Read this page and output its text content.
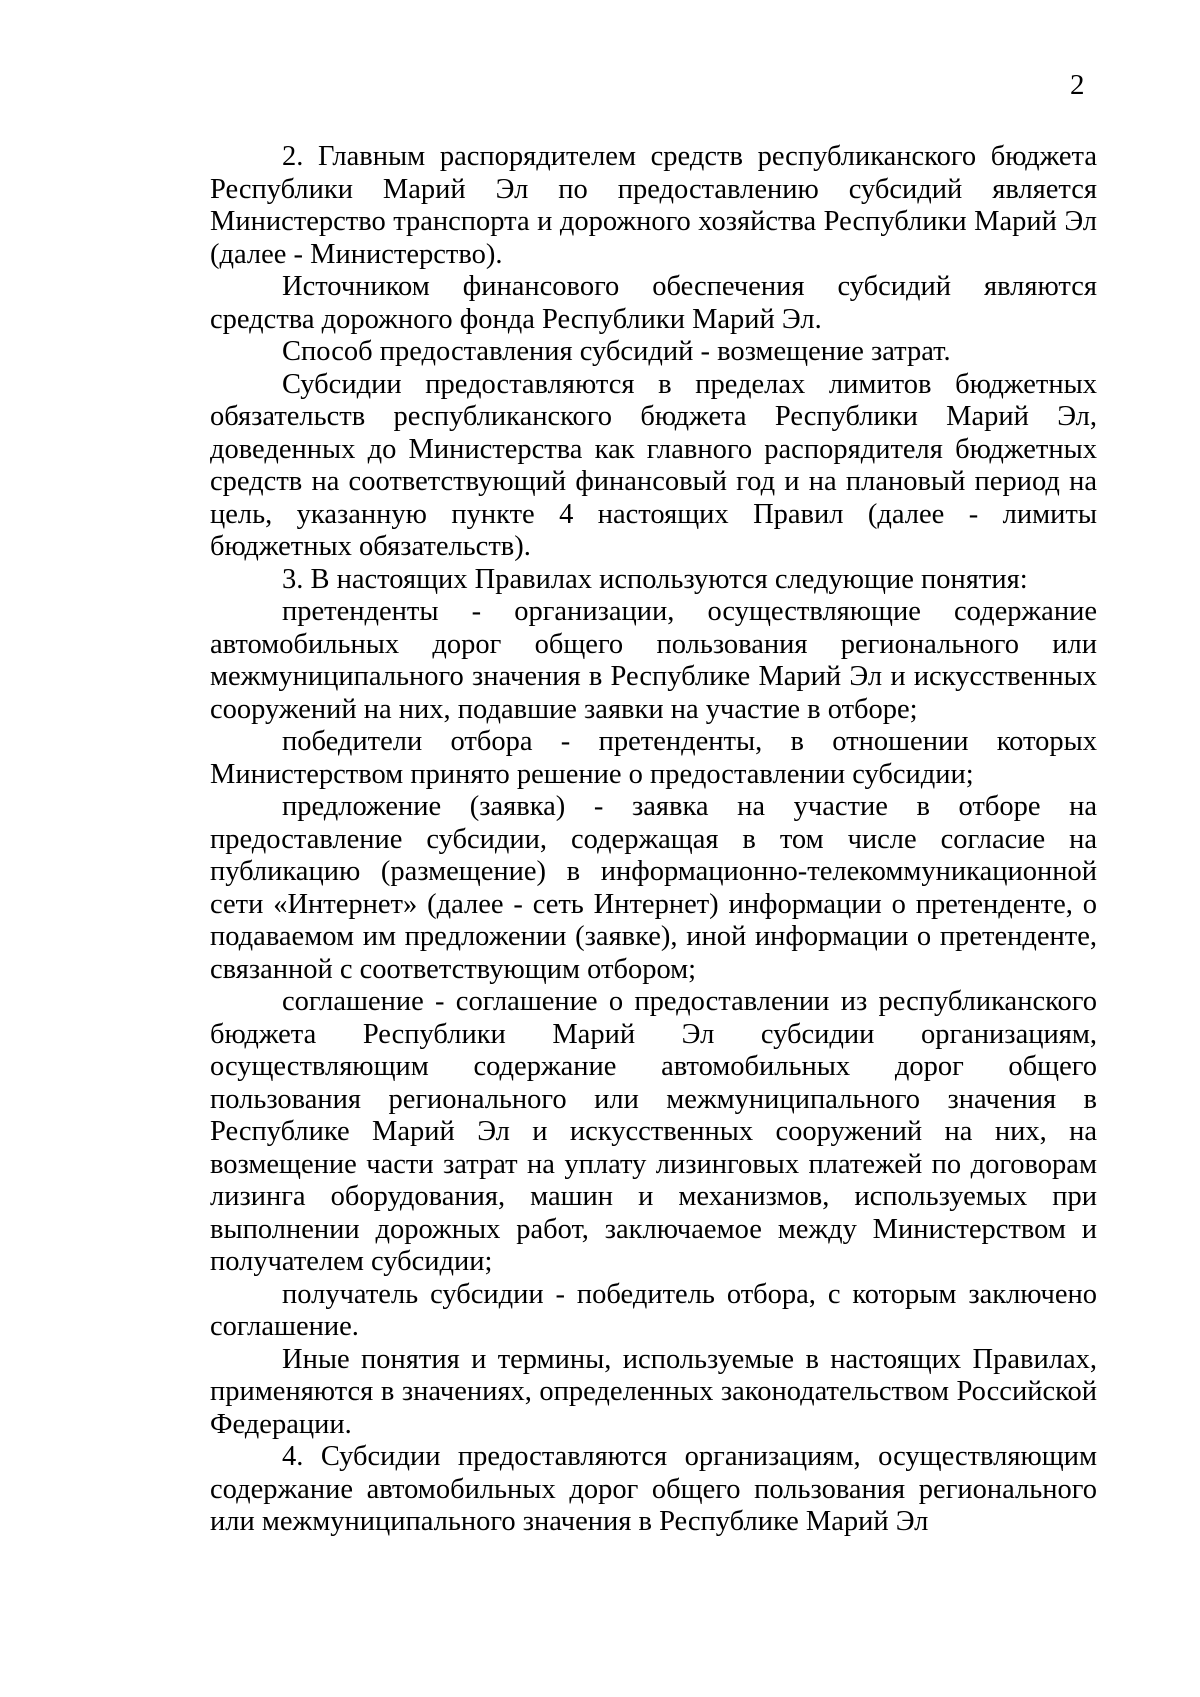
2

2. Главным распорядителем средств республиканского бюджета Республики Марий Эл по предоставлению субсидий является Министерство транспорта и дорожного хозяйства Республики Марий Эл (далее - Министерство).

Источником финансового обеспечения субсидий являются средства дорожного фонда Республики Марий Эл.

Способ предоставления субсидий - возмещение затрат.

Субсидии предоставляются в пределах лимитов бюджетных обязательств республиканского бюджета Республики Марий Эл, доведенных до Министерства как главного распорядителя бюджетных средств на соответствующий финансовый год и на плановый период на цель, указанную пункте 4 настоящих Правил (далее - лимиты бюджетных обязательств).

3. В настоящих Правилах используются следующие понятия:

претенденты - организации, осуществляющие содержание автомобильных дорог общего пользования регионального или межмуниципального значения в Республике Марий Эл и искусственных сооружений на них, подавшие заявки на участие в отборе;

победители отбора - претенденты, в отношении которых Министерством принято решение о предоставлении субсидии;

предложение (заявка) - заявка на участие в отборе на предоставление субсидии, содержащая в том числе согласие на публикацию (размещение) в информационно-телекоммуникационной сети «Интернет» (далее - сеть Интернет) информации о претенденте, о подаваемом им предложении (заявке), иной информации о претенденте, связанной с соответствующим отбором;

соглашение - соглашение о предоставлении из республиканского бюджета Республики Марий Эл субсидии организациям, осуществляющим содержание автомобильных дорог общего пользования регионального или межмуниципального значения в Республике Марий Эл и искусственных сооружений на них, на возмещение части затрат на уплату лизинговых платежей по договорам лизинга оборудования, машин и механизмов, используемых при выполнении дорожных работ, заключаемое между Министерством и получателем субсидии;

получатель субсидии - победитель отбора, с которым заключено соглашение.

Иные понятия и термины, используемые в настоящих Правилах, применяются в значениях, определенных законодательством Российской Федерации.

4. Субсидии предоставляются организациям, осуществляющим содержание автомобильных дорог общего пользования регионального или межмуниципального значения в Республике Марий Эл
